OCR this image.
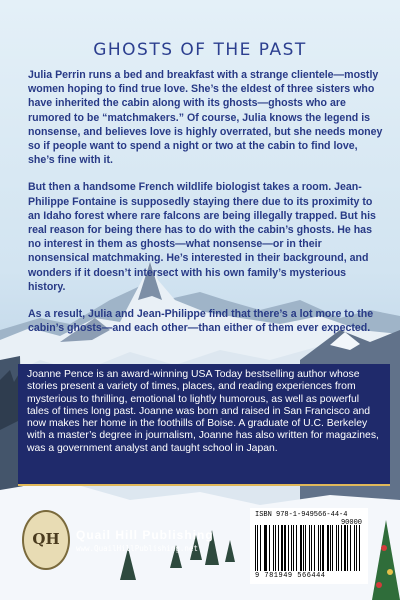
GHOSTS OF THE PAST

Julia Perrin runs a bed and breakfast with a strange clientele—mostly women hoping to find true love. She’s the eldest of three sisters who have inherited the cabin along with its ghosts—ghosts who are rumored to be “matchmakers.” Of course, Julia knows the legend is nonsense, and believes love is highly overrated, but she needs money so if people want to spend a night or two at the cabin to find love, she’s fine with it.

But then a handsome French wildlife biologist takes a room. Jean-Philippe Fontaine is supposedly staying there due to its proximity to an Idaho forest where rare falcons are being illegally trapped. But his real reason for being there has to do with the cabin’s ghosts. He has no interest in them as ghosts—what nonsense—or in their nonsensical matchmaking. He’s interested in their background, and wonders if it doesn’t intersect with his own family’s mysterious history.

As a result, Julia and Jean-Philippe find that there’s a lot more to the cabin’s ghosts—and each other—than either of them ever expected.

Joanne Pence is an award-winning USA Today bestselling author whose stories present a variety of times, places, and reading experiences from mysterious to thrilling, emotional to lightly humorous, as well as powerful tales of times long past. Joanne was born and raised in San Francisco and now makes her home in the foothills of Boise. A graduate of U.C. Berkeley with a master’s degree in journalism, Joanne has also written for magazines, was a government analyst and taught school in Japan.
QH	Quail Hill Publishing
www.QuailHillPublishing.net
ISBN 978-1-949566-44-4
90000
9 781949 566444
